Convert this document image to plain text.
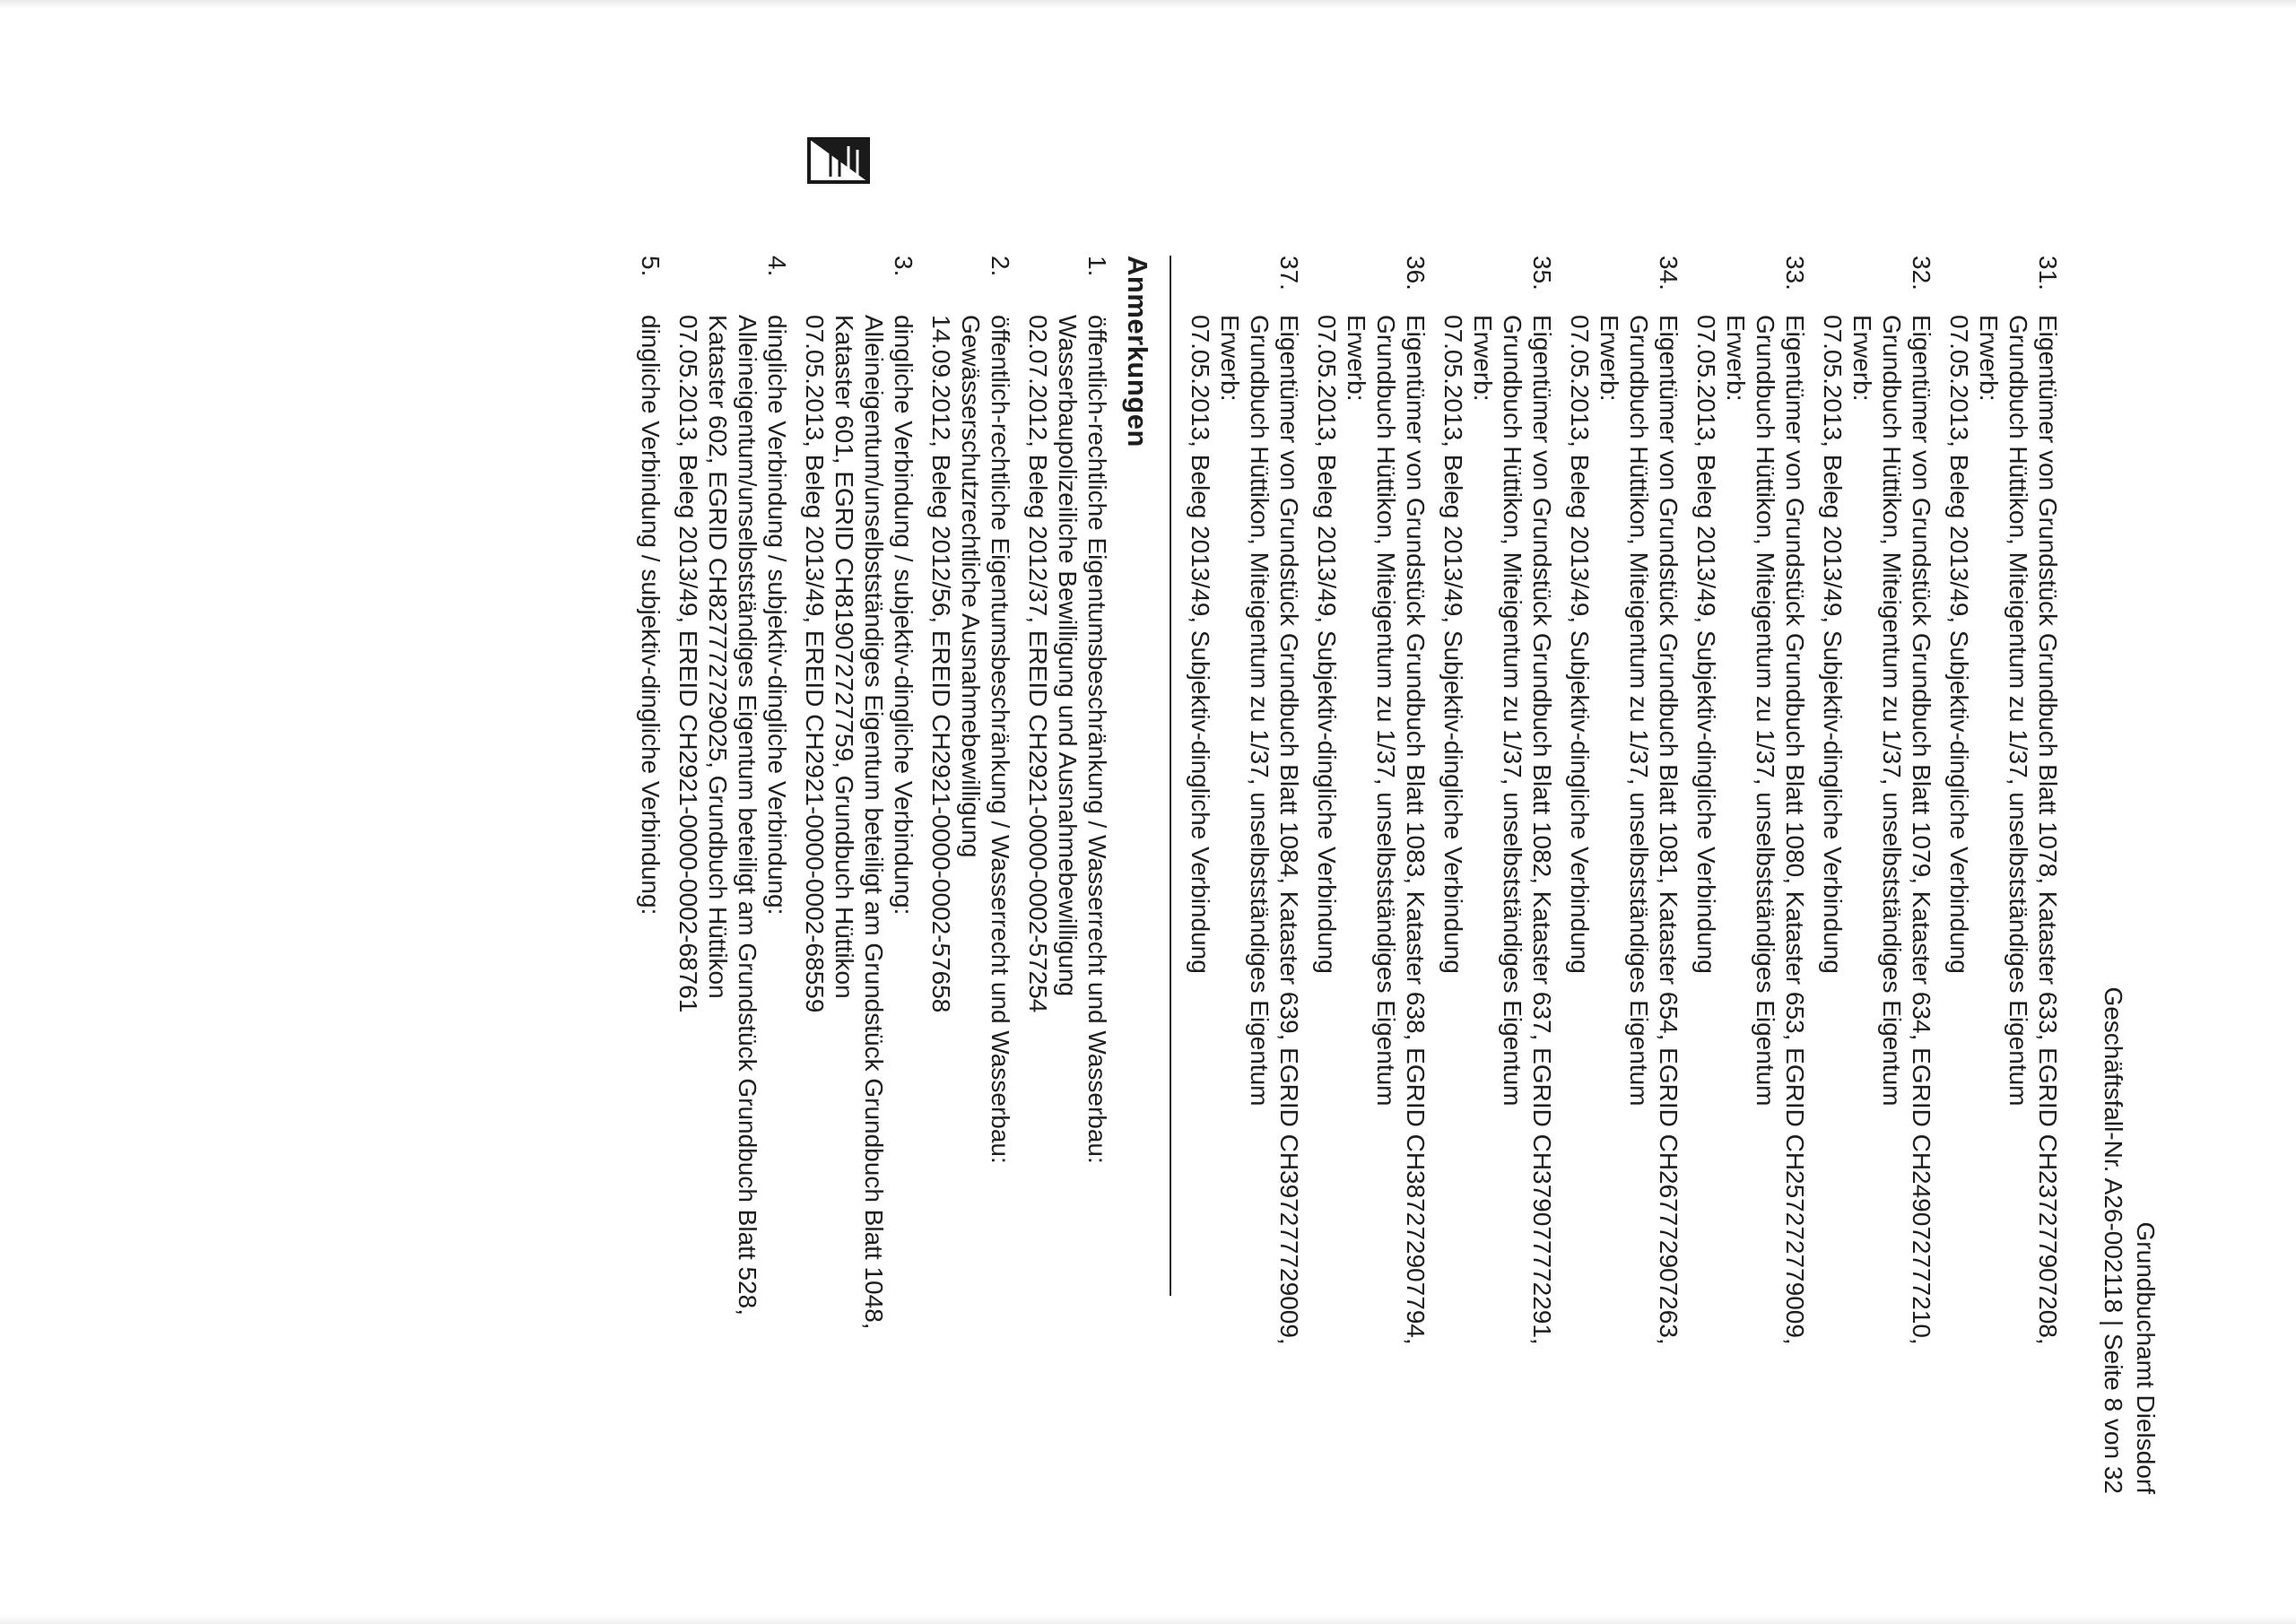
Grundbuchamt Dielsdorf
Geschäftsfall-Nr. A26-002118 | Seite 8 von 32
31.
Eigentümer von Grundstück Grundbuch Blatt 1078, Kataster 633, EGRID CH237277907208,
Grundbuch Hüttikon, Miteigentum zu 1/37, unselbstständiges Eigentum
Erwerb:
07.05.2013, Beleg 2013/49, Subjektiv-dingliche Verbindung
32.
Eigentümer von Grundstück Grundbuch Blatt 1079, Kataster 634, EGRID CH249072777210,
Grundbuch Hüttikon, Miteigentum zu 1/37, unselbstständiges Eigentum
Erwerb:
07.05.2013, Beleg 2013/49, Subjektiv-dingliche Verbindung
33.
Eigentümer von Grundstück Grundbuch Blatt 1080, Kataster 653, EGRID CH257272779009,
Grundbuch Hüttikon, Miteigentum zu 1/37, unselbstständiges Eigentum
Erwerb:
07.05.2013, Beleg 2013/49, Subjektiv-dingliche Verbindung
34.
Eigentümer von Grundstück Grundbuch Blatt 1081, Kataster 654, EGRID CH267772907263,
Grundbuch Hüttikon, Miteigentum zu 1/37, unselbstständiges Eigentum
Erwerb:
07.05.2013, Beleg 2013/49, Subjektiv-dingliche Verbindung
35.
Eigentümer von Grundstück Grundbuch Blatt 1082, Kataster 637, EGRID CH379077772291,
Grundbuch Hüttikon, Miteigentum zu 1/37, unselbstständiges Eigentum
Erwerb:
07.05.2013, Beleg 2013/49, Subjektiv-dingliche Verbindung
36.
Eigentümer von Grundstück Grundbuch Blatt 1083, Kataster 638, EGRID CH387272907794,
Grundbuch Hüttikon, Miteigentum zu 1/37, unselbstständiges Eigentum
Erwerb:
07.05.2013, Beleg 2013/49, Subjektiv-dingliche Verbindung
37.
Eigentümer von Grundstück Grundbuch Blatt 1084, Kataster 639, EGRID CH397277729009,
Grundbuch Hüttikon, Miteigentum zu 1/37, unselbstständiges Eigentum
Erwerb:
07.05.2013, Beleg 2013/49, Subjektiv-dingliche Verbindung
Anmerkungen
1.
öffentlich-rechtliche Eigentumsbeschränkung / Wasserrecht und Wasserbau:
Wasserbaupolizeiliche Bewilligung und Ausnahmebewilligung
02.07.2012, Beleg 2012/37, EREID CH2921-0000-0002-57254
2.
öffentlich-rechtliche Eigentumsbeschränkung / Wasserrecht und Wasserbau:
Gewässerschutzrechtliche Ausnahmebewilligung
14.09.2012, Beleg 2012/56, EREID CH2921-0000-0002-57658
3.
dingliche Verbindung / subjektiv-dingliche Verbindung:
Alleineigentum/unselbstständiges Eigentum beteiligt am Grundstück Grundbuch Blatt 1048,
Kataster 601, EGRID CH819072727759, Grundbuch Hüttikon
07.05.2013, Beleg 2013/49, EREID CH2921-0000-0002-68559
4.
dingliche Verbindung / subjektiv-dingliche Verbindung:
Alleineigentum/unselbstständiges Eigentum beteiligt am Grundstück Grundbuch Blatt 528,
Kataster 602, EGRID CH827772729025, Grundbuch Hüttikon
07.05.2013, Beleg 2013/49, EREID CH2921-0000-0002-68761
5.
dingliche Verbindung / subjektiv-dingliche Verbindung:
